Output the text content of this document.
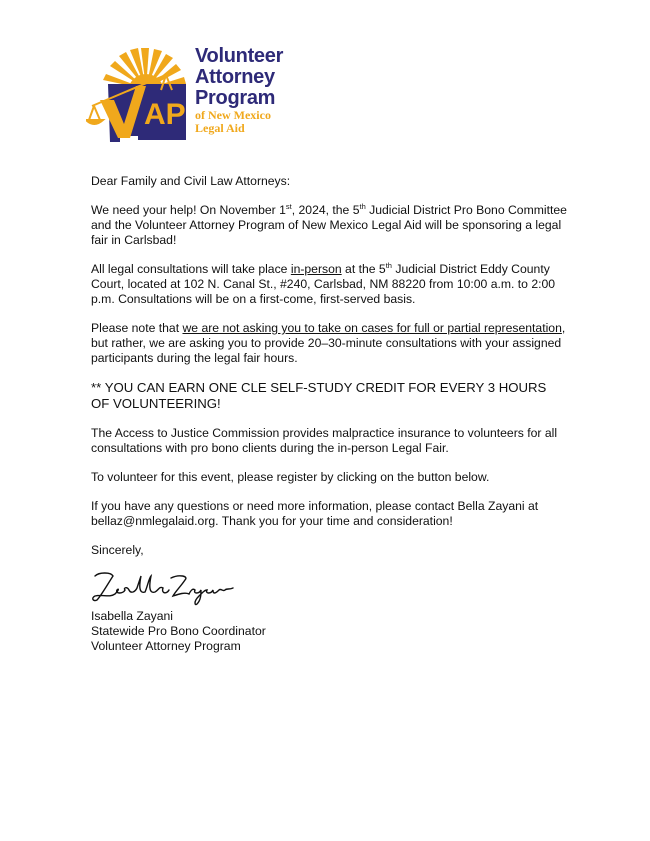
AP
Volunteer
Attorney
Program
of New Mexico
Legal Aid

Dear Family and Civil Law Attorneys:

We need your help! On November 1st, 2024, the 5th Judicial District Pro Bono Committee and the Volunteer Attorney Program of New Mexico Legal Aid will be sponsoring a legal fair in Carlsbad!

All legal consultations will take place in-person at the 5th Judicial District Eddy County Court, located at 102 N. Canal St., #240, Carlsbad, NM 88220 from 10:00 a.m. to 2:00 p.m. Consultations will be on a first-come, first-served basis.

Please note that we are not asking you to take on cases for full or partial representation, but rather, we are asking you to provide 20–30-minute consultations with your assigned participants during the legal fair hours.

** YOU CAN EARN ONE CLE SELF-STUDY CREDIT FOR EVERY 3 HOURS OF VOLUNTEERING!

The Access to Justice Commission provides malpractice insurance to volunteers for all consultations with pro bono clients during the in-person Legal Fair.

To volunteer for this event, please register by clicking on the button below.

If you have any questions or need more information, please contact Bella Zayani at bellaz@nmlegalaid.org. Thank you for your time and consideration!

Sincerely,

Isabella Zayani
Statewide Pro Bono Coordinator
Volunteer Attorney Program
